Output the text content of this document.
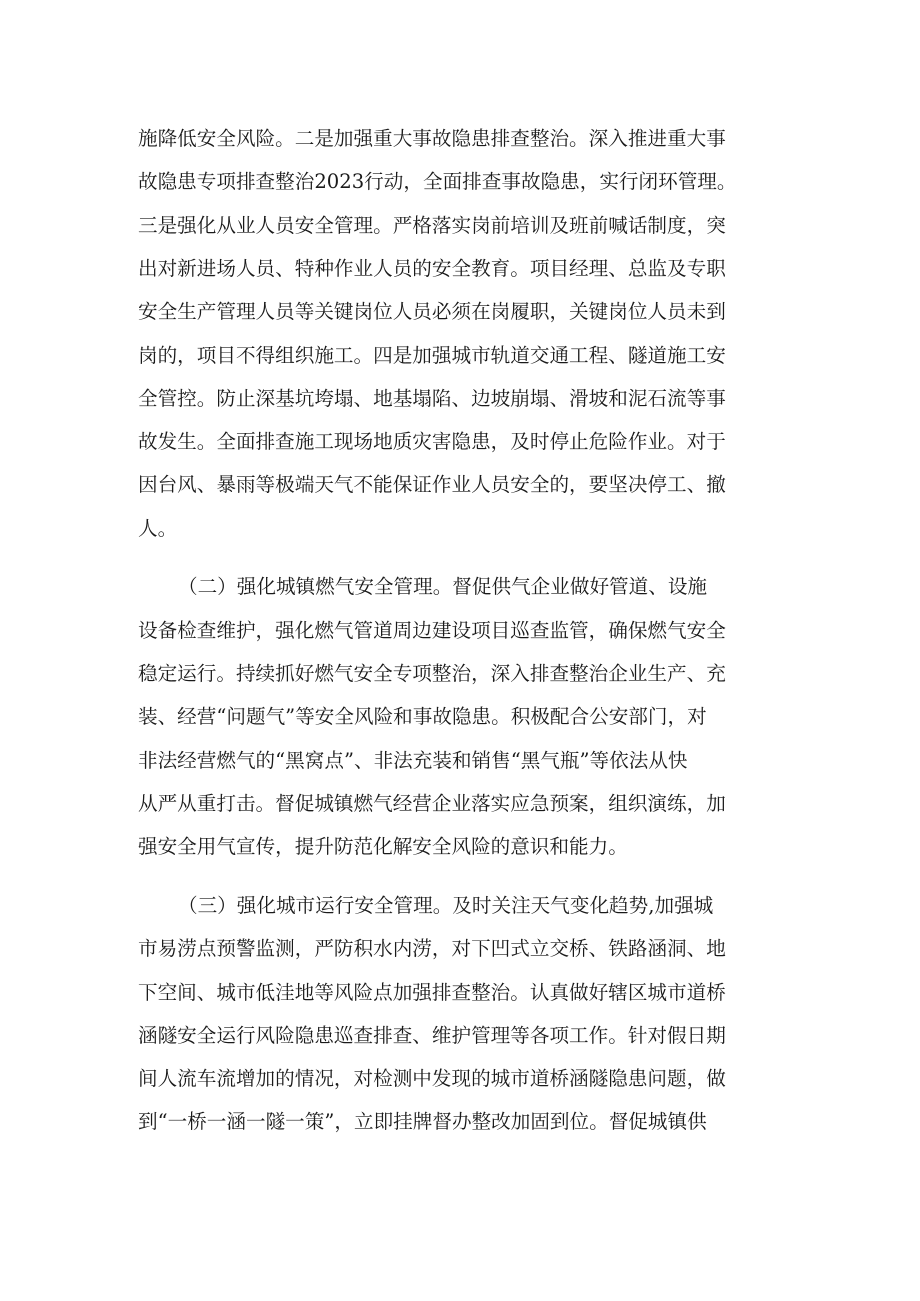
施降低安全风险。二是加强重大事故隐患排查整治。深入推进重大事
故隐患专项排查整治2023行动，全面排查事故隐患，实行闭环管理。
三是强化从业人员安全管理。严格落实岗前培训及班前喊话制度，突
出对新进场人员、特种作业人员的安全教育。项目经理、总监及专职
安全生产管理人员等关键岗位人员必须在岗履职，关键岗位人员未到
岗的，项目不得组织施工。四是加强城市轨道交通工程、隧道施工安
全管控。防止深基坑垮塌、地基塌陷、边坡崩塌、滑坡和泥石流等事
故发生。全面排查施工现场地质灾害隐患，及时停止危险作业。对于
因台风、暴雨等极端天气不能保证作业人员安全的，要坚决停工、撤
人。
（二）强化城镇燃气安全管理。督促供气企业做好管道、设施
设备检查维护，强化燃气管道周边建设项目巡查监管，确保燃气安全
稳定运行。持续抓好燃气安全专项整治，深入排查整治企业生产、充
装、经营“问题气”等安全风险和事故隐患。积极配合公安部门，对
非法经营燃气的“黑窝点”、非法充装和销售“黑气瓶”等依法从快
从严从重打击。督促城镇燃气经营企业落实应急预案，组织演练，加
强安全用气宣传，提升防范化解安全风险的意识和能力。
（三）强化城市运行安全管理。及时关注天气变化趋势,加强城
市易涝点预警监测，严防积水内涝，对下凹式立交桥、铁路涵洞、地
下空间、城市低洼地等风险点加强排查整治。认真做好辖区城市道桥
涵隧安全运行风险隐患巡查排查、维护管理等各项工作。针对假日期
间人流车流增加的情况，对检测中发现的城市道桥涵隧隐患问题，做
到“一桥一涵一隧一策”，立即挂牌督办整改加固到位。督促城镇供
